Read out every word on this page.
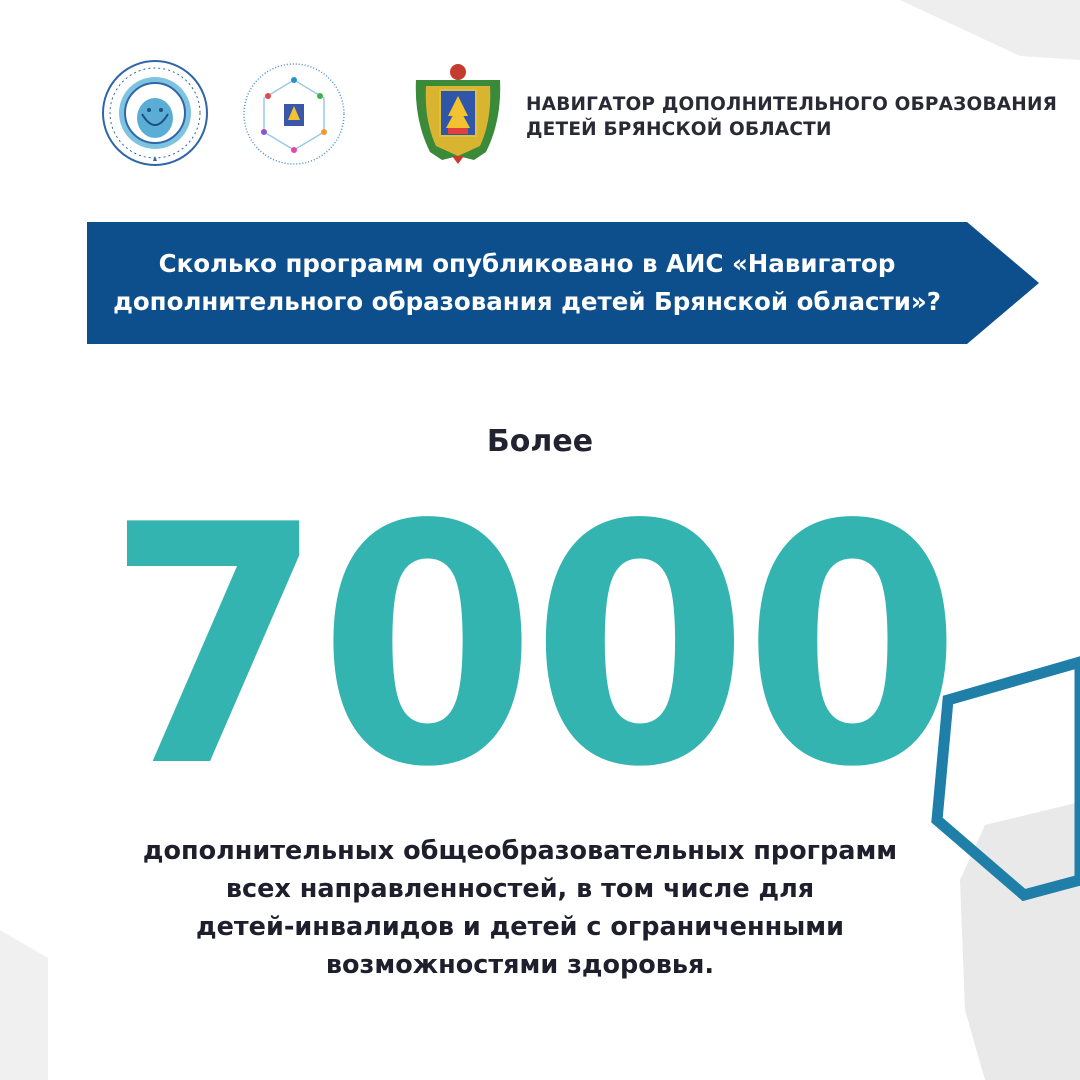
НАВИГАТОР ДОПОЛНИТЕЛЬНОГО ОБРАЗОВАНИЯ
ДЕТЕЙ БРЯНСКОЙ ОБЛАСТИ
Сколько программ опубликовано в АИС «Навигатор
дополнительного образования детей Брянской области»?
Более
7000
дополнительных общеобразовательных программ
всех направленностей, в том числе для
детей-инвалидов и детей с ограниченными
возможностями здоровья.
